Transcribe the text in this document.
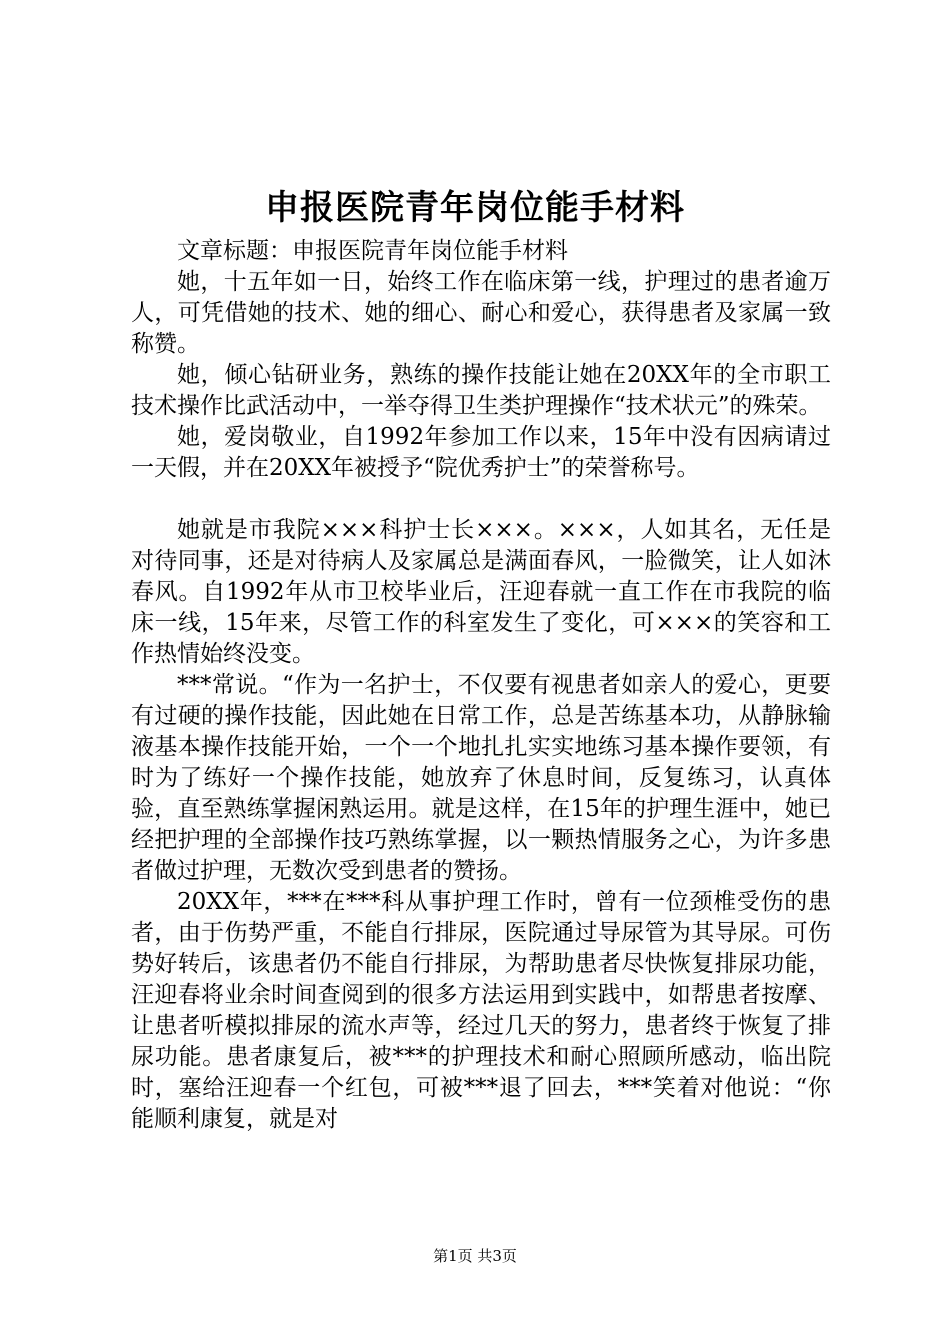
申报医院青年岗位能手材料

文章标题：申报医院青年岗位能手材料

她，十五年如一日，始终工作在临床第一线，护理过的患者逾万人，可凭借她的技术、她的细心、耐心和爱心，获得患者及家属一致称赞。

她，倾心钻研业务，熟练的操作技能让她在20XX年的全市职工技术操作比武活动中，一举夺得卫生类护理操作“技术状元”的殊荣。

她，爱岗敬业，自1992年参加工作以来，15年中没有因病请过一天假，并在20XX年被授予“院优秀护士”的荣誉称号。

她就是市我院×××科护士长×××。×××，人如其名，无任是对待同事，还是对待病人及家属总是满面春风，一脸微笑，让人如沐春风。自1992年从市卫校毕业后，汪迎春就一直工作在市我院的临床一线，15年来，尽管工作的科室发生了变化，可×××的笑容和工作热情始终没变。

***常说。“作为一名护士，不仅要有视患者如亲人的爱心，更要有过硬的操作技能，因此她在日常工作，总是苦练基本功，从静脉输液基本操作技能开始，一个一个地扎扎实实地练习基本操作要领，有时为了练好一个操作技能，她放弃了休息时间，反复练习，认真体验，直至熟练掌握闲熟运用。就是这样，在15年的护理生涯中，她已经把护理的全部操作技巧熟练掌握，以一颗热情服务之心，为许多患者做过护理，无数次受到患者的赞扬。

20XX年，***在***科从事护理工作时，曾有一位颈椎受伤的患者，由于伤势严重，不能自行排尿，医院通过导尿管为其导尿。可伤势好转后，该患者仍不能自行排尿，为帮助患者尽快恢复排尿功能，汪迎春将业余时间查阅到的很多方法运用到实践中，如帮患者按摩、让患者听模拟排尿的流水声等，经过几天的努力，患者终于恢复了排尿功能。患者康复后，被***的护理技术和耐心照顾所感动，临出院时，塞给汪迎春一个红包，可被***退了回去，***笑着对他说：“你能顺利康复，就是对

第1页 共3页
